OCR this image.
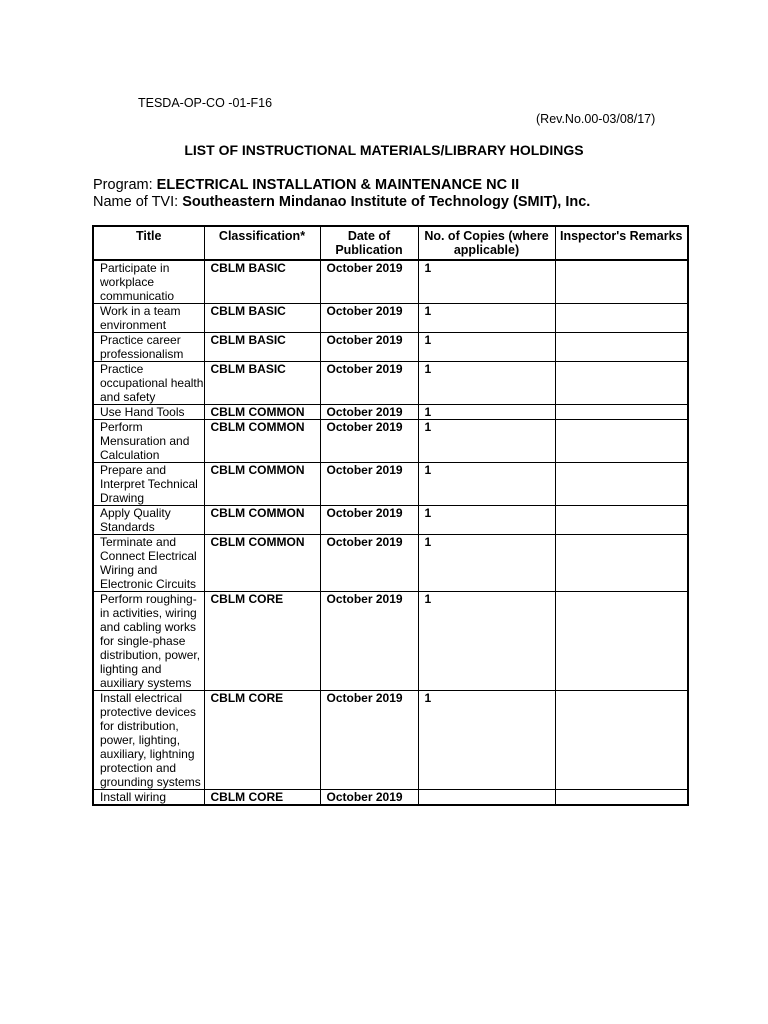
TESDA-OP-CO -01-F16
(Rev.No.00-03/08/17)
LIST OF INSTRUCTIONAL MATERIALS/LIBRARY HOLDINGS
Program: ELECTRICAL INSTALLATION & MAINTENANCE NC II
Name of TVI: Southeastern Mindanao Institute of Technology (SMIT), Inc.
Title	Classification*	Date of Publication	No. of Copies (where applicable)	Inspector's Remarks
Participate in workplace communicatio	CBLM BASIC	October 2019	1	
Work in a team environment	CBLM BASIC	October 2019	1	
Practice career professionalism	CBLM BASIC	October 2019	1	
Practice occupational health and safety	CBLM BASIC	October 2019	1	
Use Hand Tools	CBLM COMMON	October 2019	1	
Perform Mensuration and Calculation	CBLM COMMON	October 2019	1	
Prepare and Interpret Technical Drawing	CBLM COMMON	October 2019	1	
Apply Quality Standards	CBLM COMMON	October 2019	1	
Terminate and Connect Electrical Wiring and Electronic Circuits	CBLM COMMON	October 2019	1	
Perform roughing-in activities, wiring and cabling works for single-phase distribution, power, lighting and auxiliary systems	CBLM CORE	October 2019	1	
Install electrical protective devices for distribution, power, lighting, auxiliary, lightning protection and grounding systems	CBLM CORE	October 2019	1	
Install wiring	CBLM CORE	October 2019		
